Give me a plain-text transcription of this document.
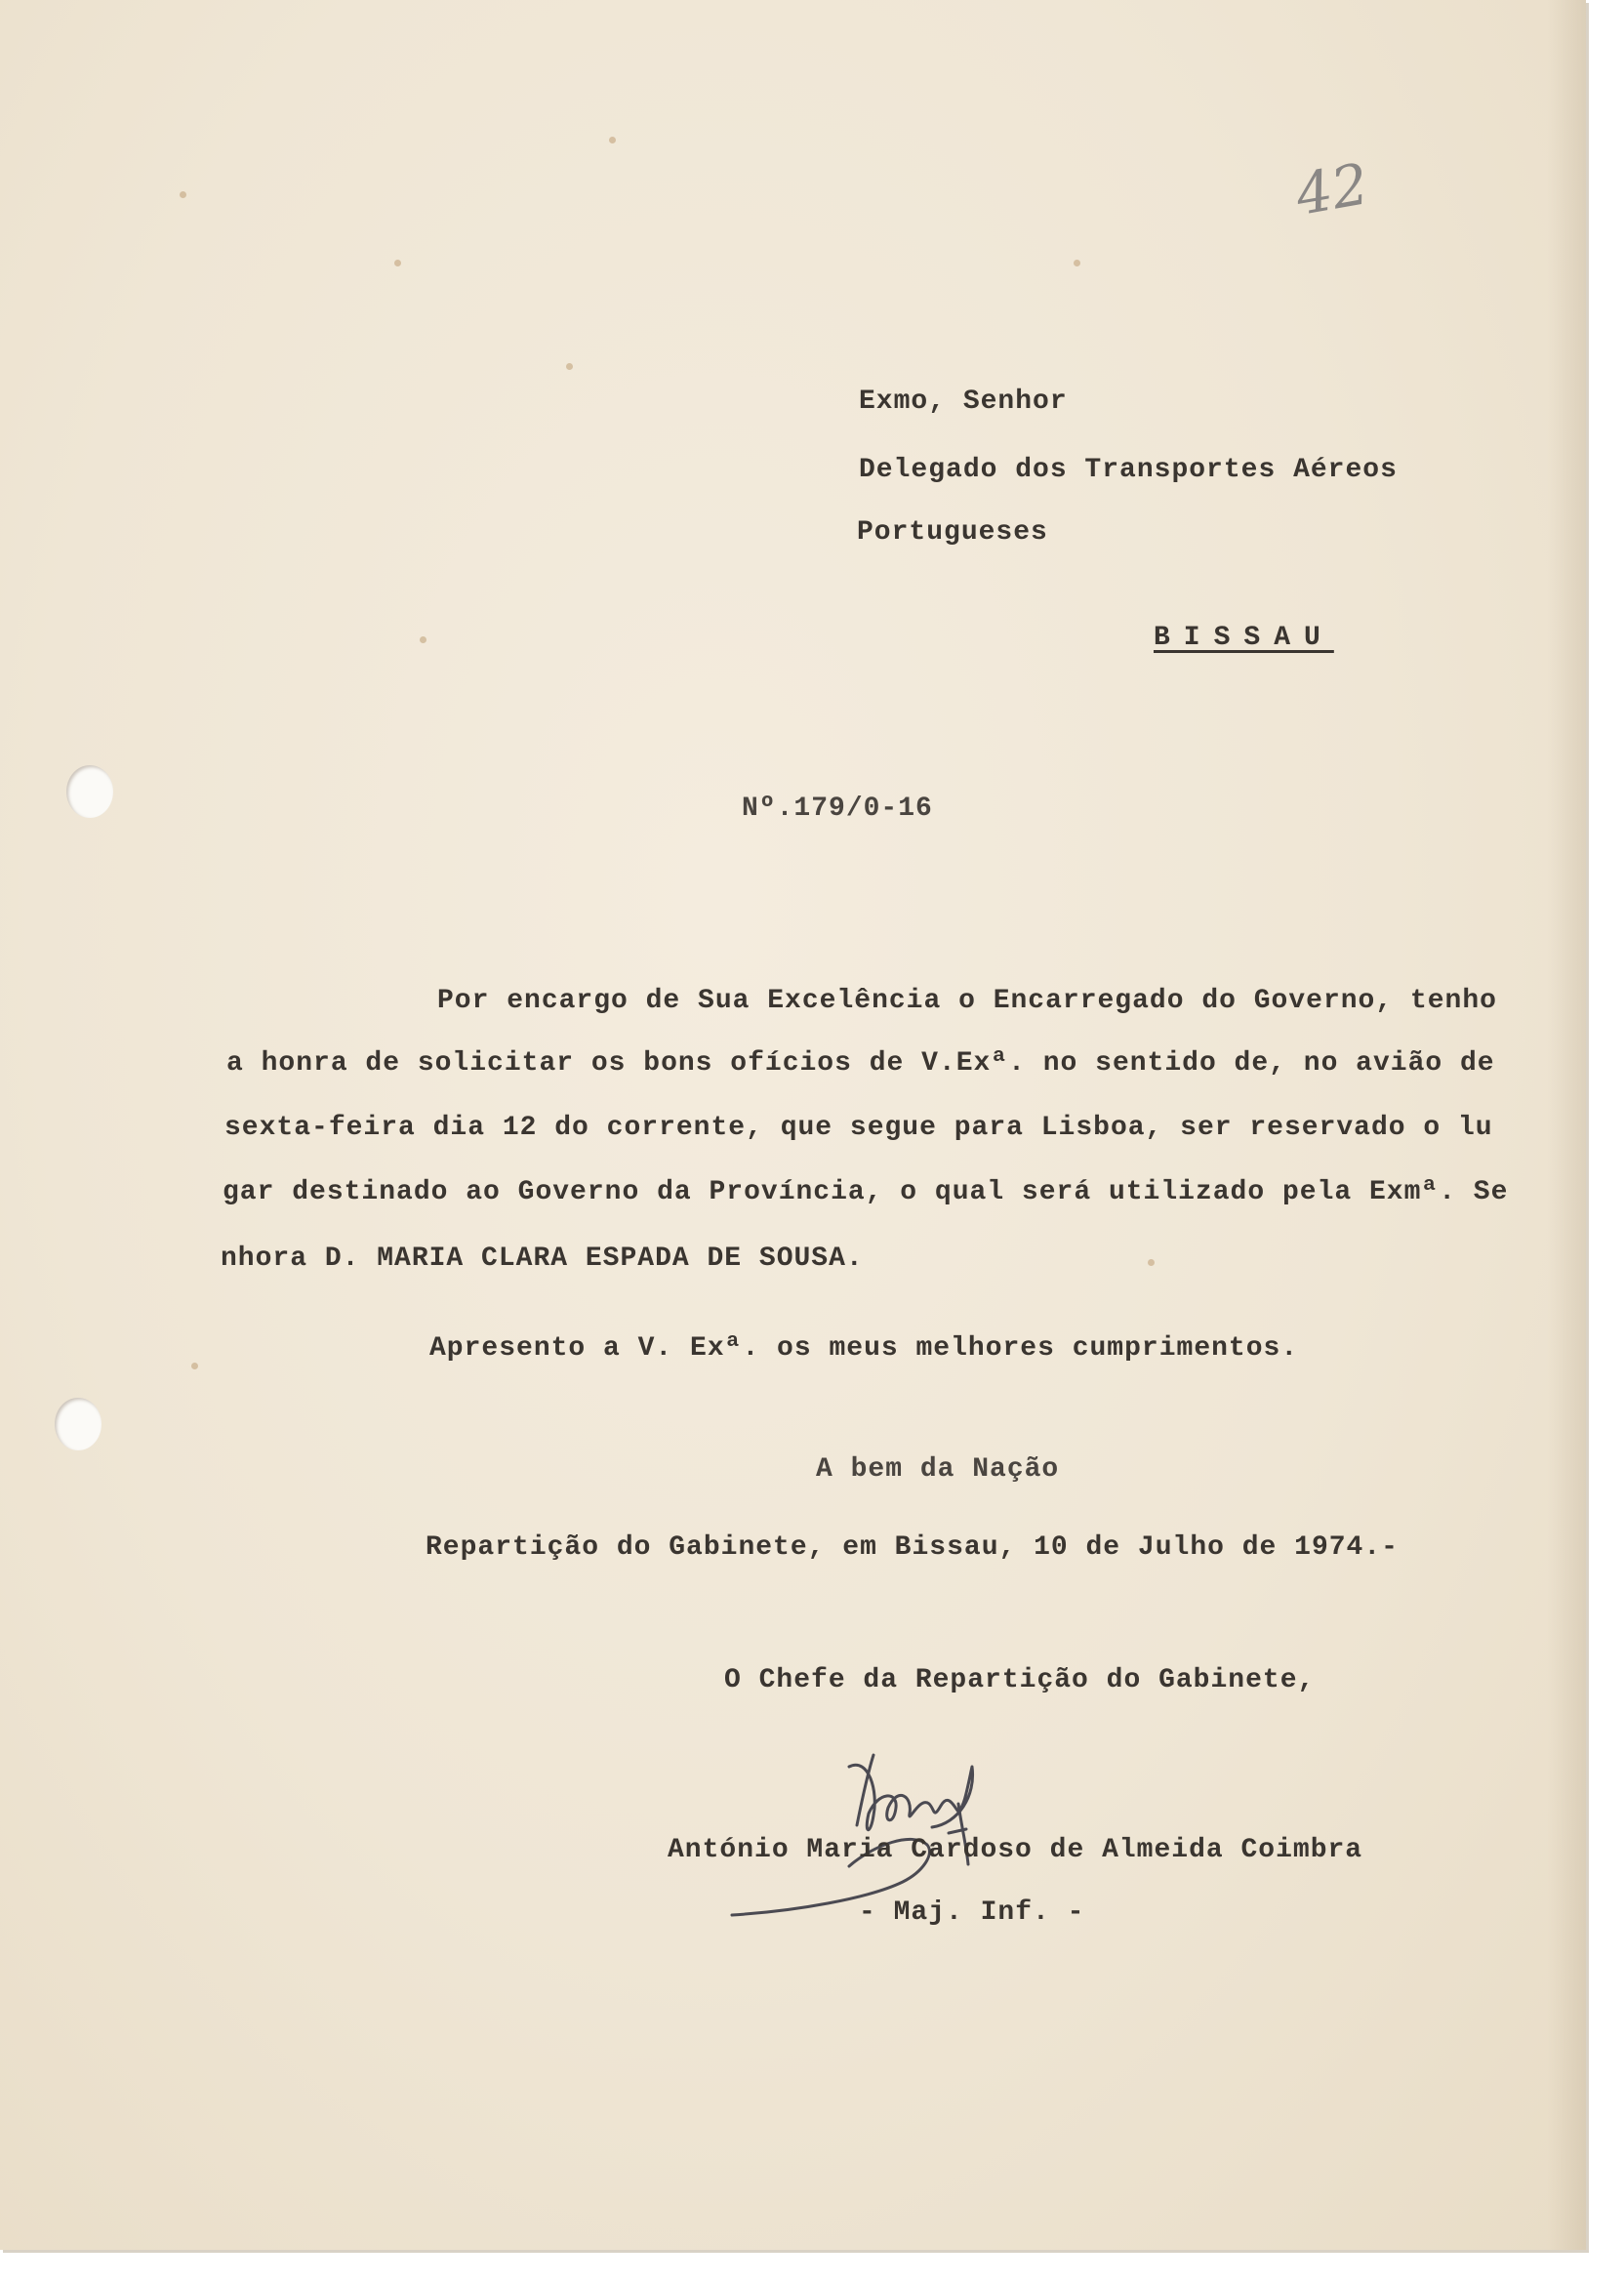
42
Exmo, Senhor
Delegado dos Transportes Aéreos
Portugueses
BISSAU
Nº.179/0-16
Por encargo de Sua Excelência o Encarregado do Governo, tenho
a honra de solicitar os bons ofícios de V.Exª. no sentido de, no avião de
sexta-feira dia 12 do corrente, que segue para Lisboa, ser reservado o lu
gar destinado ao Governo da Província, o qual será utilizado pela Exmª. Se
nhora D. MARIA CLARA ESPADA DE SOUSA.
Apresento a V. Exª. os meus melhores cumprimentos.
A bem da Nação
Repartição do Gabinete, em Bissau, 10 de Julho de 1974.-
O Chefe da Repartição do Gabinete,
António Maria Cardoso de Almeida Coimbra
- Maj. Inf. -
